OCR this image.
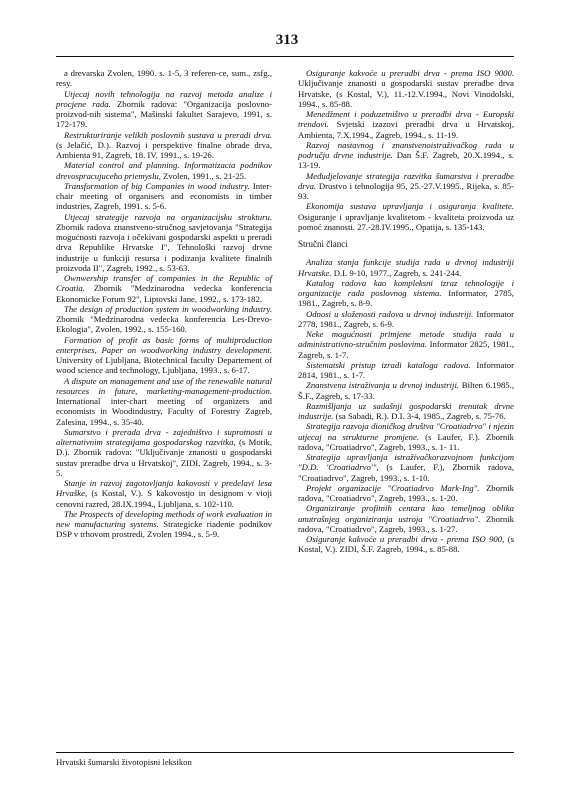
313

a drevarska Zvolen, 1990. s. 1-5, 3 referen-ce, sum., zsfg., resy.

Utjecaj novih tehnologija na razvoj metoda analize i procjene rada. Zbornik radova: "Organizacija poslovno-proizvod-nih sistema", Mašinski fakultet Sarajevo, 1991, s. 172-179.

Restrukturiranje velikih poslovnih sustava u preradi drva. (s Jelačić, D.). Razvoj i perspektive finalne obrade drva, Ambienta 91, Zagreb, 18. IV. 1991., s. 19-26.

Material control and planning. Informatizacia podnikov drevospracujuceho priemyslu, Zvolen, 1991., s. 21-25.

Transformation of big Companies in wood industry. Inter-chair meeting of organisers and economists in timber industries, Zagreb, 1991. s. 5-6.

Utjecaj strategije razvoja na organizacijsku strukturu. Zbornik radova znanstveno-stručnog savjetovanja "Strategija mogućnosti razvoja i očekivani gospodarski aspekti u preradi drva Republike Hrvatske I", Tehnološki razvoj drvne industrije u funkciji resursa i podizanja kvalitete finalnih proizvoda II", Zagreb, 1992., s. 53-63.

Ownwership transfer of companies in the Republic of Croatia. Zbornik "Medzinarodna vedecka konferencia Ekonomicke Forum 92", Liptovski Jane, 1992., s. 173-182.

The design of production system in woodworking industry. Zbornik "Medzinarodna vedecka konferencia Les-Drevo-Ekologia", Zvolen, 1992., s. 155-160.

Formation of profit as basic forms of multiproduction enterprises, Paper on woodworking industry development. University of Ljubljana, Biotechnical faculty Departement of wood science and technology, Ljubljana, 1993., s. 6-17.

A dispute on management and use of the renewable natural resources in future, marketing-management-production. International inter-chart meeting of organizers and economists in Woodindustry, Faculty of Forestry Zagreb, Zalesina, 1994., s. 35-40.

Sumarstvo i prerada drva - zajedništvo i suprotnosti u alternativnim strategijama gospodarskog razvitka, (s Motik, D.). Zbornik radova: "Uključivanje znanosti u gospodarski sustav preradbe drva u Hrvatskoj", ZIDI, Zagreb, 1994., s. 3-5.

Stanje in razvoj zagotovljanja kakovosti v predelavi lesa Hrvaške, (s Kostal, V.). S kakovostjo in designom v vioji cenovni razred, 28.IX.1994., Ljubljana, s. 102-110.

The Prospects of developing methods of work evaluation in new manufacturing systems. Strategicke riadenie podnikov DSP v trhovom prostredi, Zvolen 1994., s. 5-9.

Osiguranje kakvoće u preradbi drva - prema ISO 9000. Uključivanje znanosti u gospodarski sustav preradbe drva Hrvatske, (s Kostal, V.), 11.-12.V.1994., Novi Vinodolski, 1994., s. 85-88.

Menedžment i poduzetništvo u preradbi drva - Europski trendovi. Svjetski izazovi preradbi drva u Hrvatskoj, Ambienta, 7.X.1994., Zagreb, 1994., s. 11-19.

Razvoj nastavnog i znanstvenoistraživačkog rada u području drvne industrije. Dan Š.F. Zagreb, 20.X.1994., s. 13-19.

Međudjelovanje strategija razvitka šumarstva i preradbe drva. Drustvo i tehnologija 95, 25.-27.V.1995., Rijeka, s. 85-93.

Ekonomija sustava upravljanja i osiguranja kvalitete. Osiguranje i upravljanje kvalitetom - kvaliteta proizvoda uz pomoć znanosti. 27.-28.IV.1995., Opatija, s. 135-143.

Stručni članci

Analiza stanja funkcije studija rada u drvnoj industriji Hrvatske. D.I. 9-10, 1977., Zagreb, s. 241-244.

Katalog radova kao kompleksni izraz tehnologije i organizacije rada poslovnog sistema. Informator, 2785, 1981., Zagreb, s. 8-9.

Odnosi u složenosti radova u drvnoj industriji. Informator 2778, 1981., Zagreb, s. 6-9.

Neke mogućnosti primjene metode studija rada u administrativno-stručnim poslovima. Informator 2825, 1981., Zagreb, s. 1-7.

Sistematski pristup izradi kataloga radova. Informator 2814, 1981., s. 1-7.

Znanstvena istraživanja u drvnoj industriji. Bilten 6.1985., Š.F., Zagreb, s. 17-33.

Razmišljanja uz sadašnji gospodarski trenutak drvne industrije. (sa Sabadi, R.). D.I. 3-4, 1985., Zagreb, s. 75-76.

Strategija razvoja dioničkog društva "Croatiadrvo" i njezin utjecaj na strukturne promjene. (s Laufer, F.). Zbornik radova, "Croatiadrvo", Zagreb, 1993., s. 1- 11.

Strategija upravljanja istraživačkorazvojnom funkcijom "D.D. 'Croatiadrvo'", (s Laufer, F.), Zbornik radova, "Croatiadrvo", Zagreb, 1993., s. 1-10.

Projekt organizacije "Croatiadrvo Mark-Ing". Zbornik radova, "Croatiadrvo", Zagreb, 1993., s. 1-20.

Organiziranje profitnih centara kao temeljnog oblika unutrašnjeg organiziranja ustroja "Croatiadrvo". Zbornik radova, "Croatiadrvo", Zagreb, 1993., s. 1-27.

Osiguranje kakvoće u preradbi drva - prema ISO 900, (s Kostal, V.). ZIDI, Š.F. Zagreb, 1994., s. 85-88.

Hrvatski šumarski životopisni leksikon
